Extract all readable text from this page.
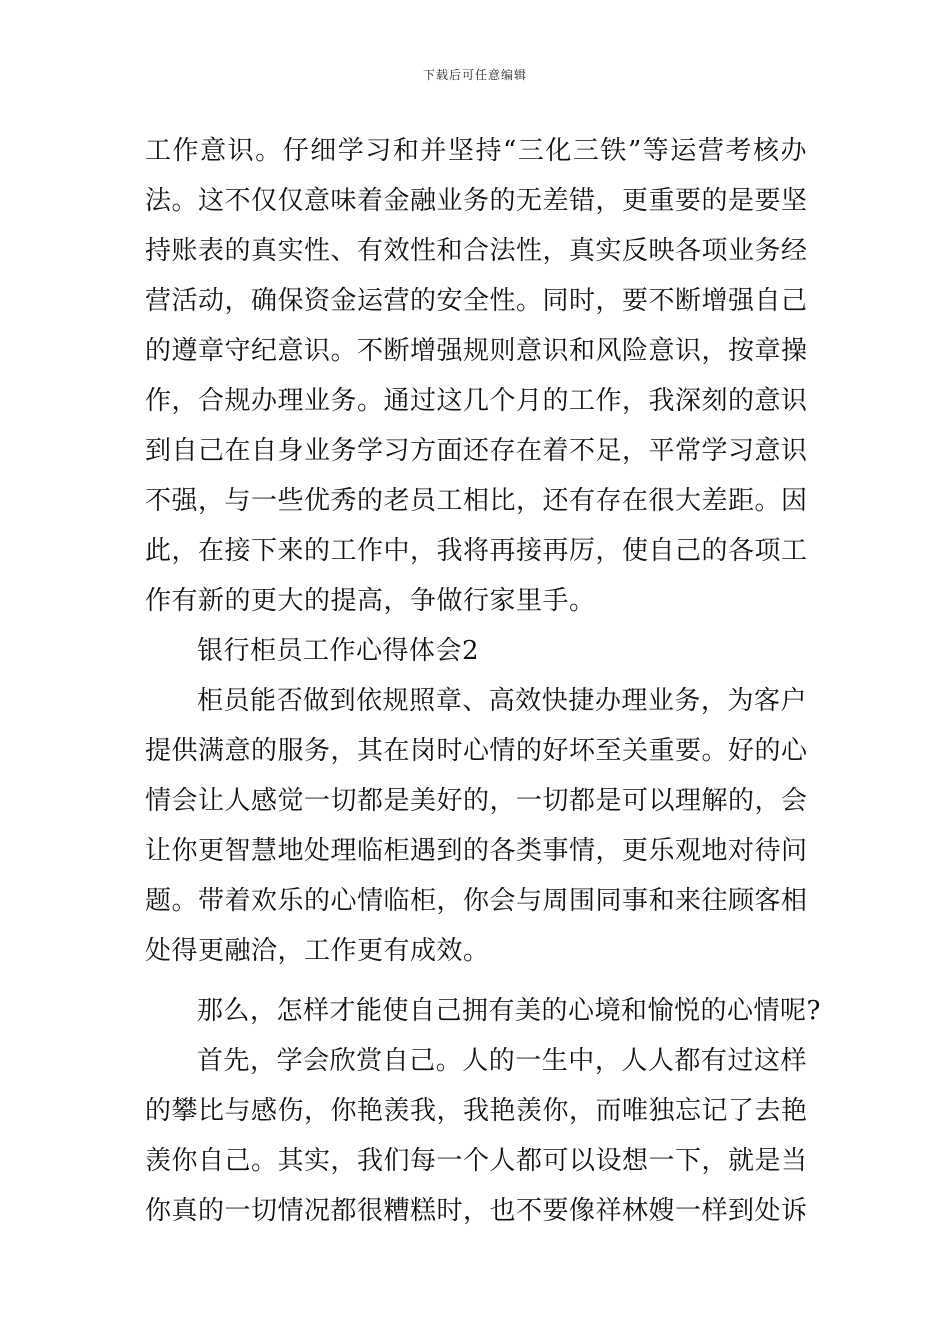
下载后可任意编辑
工作意识。仔细学习和并坚持“三化三铁”等运营考核办
法。这不仅仅意味着金融业务的无差错，更重要的是要坚
持账表的真实性、有效性和合法性，真实反映各项业务经
营活动，确保资金运营的安全性。同时，要不断增强自己
的遵章守纪意识。不断增强规则意识和风险意识，按章操
作，合规办理业务。通过这几个月的工作，我深刻的意识
到自己在自身业务学习方面还存在着不足，平常学习意识
不强，与一些优秀的老员工相比，还有存在很大差距。因
此，在接下来的工作中，我将再接再厉，使自己的各项工
作有新的更大的提高，争做行家里手。
银行柜员工作心得体会2
柜员能否做到依规照章、高效快捷办理业务，为客户
提供满意的服务，其在岗时心情的好坏至关重要。好的心
情会让人感觉一切都是美好的，一切都是可以理解的，会
让你更智慧地处理临柜遇到的各类事情，更乐观地对待问
题。带着欢乐的心情临柜，你会与周围同事和来往顾客相
处得更融洽，工作更有成效。
那么，怎样才能使自己拥有美的心境和愉悦的心情呢?
首先，学会欣赏自己。人的一生中，人人都有过这样
的攀比与感伤，你艳羡我，我艳羡你，而唯独忘记了去艳
羡你自己。其实，我们每一个人都可以设想一下，就是当
你真的一切情况都很糟糕时，也不要像祥林嫂一样到处诉
